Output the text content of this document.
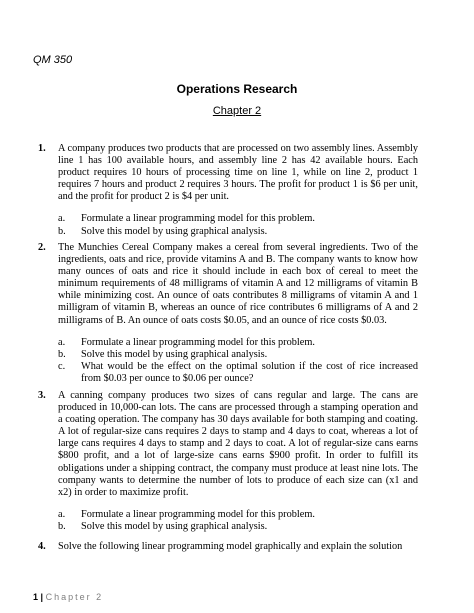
QM 350
Operations Research
Chapter 2
1. A company produces two products that are processed on two assembly lines. Assembly line 1 has 100 available hours, and assembly line 2 has 42 available hours. Each product requires 10 hours of processing time on line 1, while on line 2, product 1 requires 7 hours and product 2 requires 3 hours. The profit for product 1 is $6 per unit, and the profit for product 2 is $4 per unit.
a. Formulate a linear programming model for this problem.
b. Solve this model by using graphical analysis.
2. The Munchies Cereal Company makes a cereal from several ingredients. Two of the ingredients, oats and rice, provide vitamins A and B. The company wants to know how many ounces of oats and rice it should include in each box of cereal to meet the minimum requirements of 48 milligrams of vitamin A and 12 milligrams of vitamin B while minimizing cost. An ounce of oats contributes 8 milligrams of vitamin A and 1 milligram of vitamin B, whereas an ounce of rice contributes 6 milligrams of A and 2 milligrams of B. An ounce of oats costs $0.05, and an ounce of rice costs $0.03.
a. Formulate a linear programming model for this problem.
b. Solve this model by using graphical analysis.
c. What would be the effect on the optimal solution if the cost of rice increased from $0.03 per ounce to $0.06 per ounce?
3. A canning company produces two sizes of cans regular and large. The cans are produced in 10,000-can lots. The cans are processed through a stamping operation and a coating operation. The company has 30 days available for both stamping and coating. A lot of regular-size cans requires 2 days to stamp and 4 days to coat, whereas a lot of large cans requires 4 days to stamp and 2 days to coat. A lot of regular-size cans earns $800 profit, and a lot of large-size cans earns $900 profit. In order to fulfill its obligations under a shipping contract, the company must produce at least nine lots. The company wants to determine the number of lots to produce of each size can (x1 and x2) in order to maximize profit.
a. Formulate a linear programming model for this problem.
b. Solve this model by using graphical analysis.
4. Solve the following linear programming model graphically and explain the solution
1 | Chapter 2
